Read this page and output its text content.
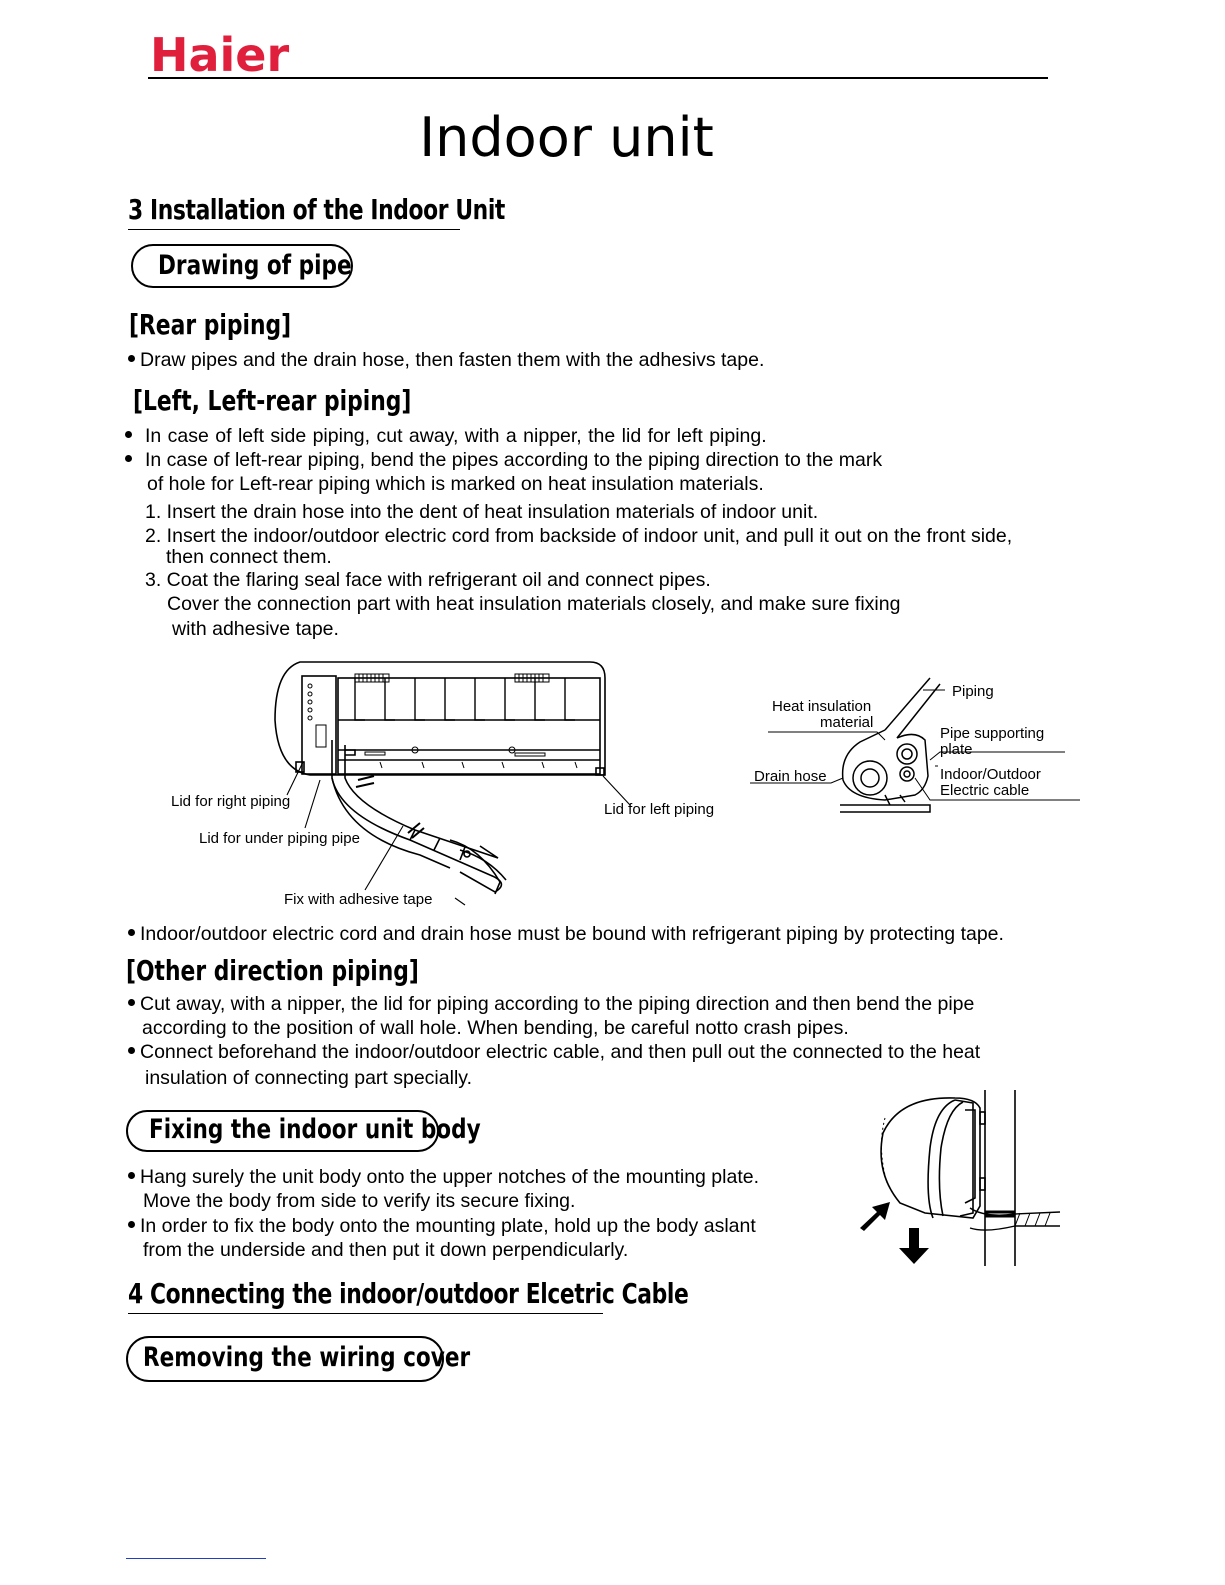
Haier
Indoor unit
3 Installation of the Indoor Unit
Drawing of pipe
[Rear piping]
Draw pipes and the drain hose, then fasten them with the adhesivs tape.
[Left, Left-rear piping]
In case of left side piping, cut away, with a nipper, the lid for left piping.
In case of left-rear piping, bend the pipes according to the piping direction to the mark
of hole for Left-rear piping which is marked on heat insulation materials.
1. Insert the drain hose into the dent of heat insulation materials of indoor unit.
2. Insert the indoor/outdoor electric cord from backside of indoor unit, and pull it out on the front side,
then connect them.
3. Coat the flaring seal face with refrigerant oil and connect pipes.
Cover the connection part with heat insulation materials closely, and make sure fixing
with adhesive tape.
Lid for right piping
Lid for under piping pipe
Lid for left piping
Fix with adhesive tape
Heat insulation
material
Piping
Pipe supporting
plate
Drain hose	Indoor/Outdoor
Electric cable
Indoor/outdoor electric cord and drain hose must be bound with refrigerant piping by protecting tape.
[Other direction piping]
Cut away, with a nipper, the lid for piping according to the piping direction and then bend the pipe
according to the position of wall hole. When bending, be careful notto crash pipes.
Connect beforehand the indoor/outdoor electric cable, and then pull out the connected to the heat
insulation of connecting part specially.
Fixing the indoor unit body
Hang surely the unit body onto the upper notches of the mounting plate.
Move the body from side to verify its secure fixing.
In order to fix the body onto the mounting plate, hold up the body aslant
from the underside and then put it down perpendicularly.
4 Connecting the indoor/outdoor Elcetric Cable
Removing the wiring cover
